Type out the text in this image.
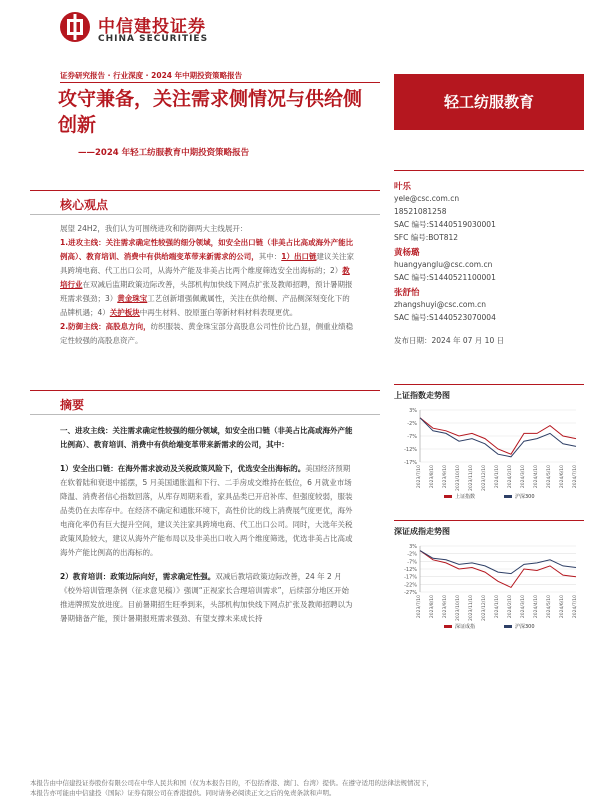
中信建投证券
CHINA SECURITIES
证券研究报告 · 行业深度 · 2024 年中期投资策略报告
攻守兼备，关注需求侧情况与供给侧创新
——2024 年轻工纺服教育中期投资策略报告
轻工纺服教育
核心观点
展望 24H2，我们认为可围绕进攻和防御两大主线展开：
1.进攻主线：关注需求确定性较强的细分领域，如安全出口链（非美占比高或海外产能比例高）、教育培训、消费中有供给端变革带来新需求的公司，其中：1）出口链建议关注家具跨境电商、代工出口公司，从海外产能及非美占比两个维度筛选安全出海标的；2）教培行业在双减后监期政策边际改善，头部机构加快线下网点扩张及教师招聘，预计暑期报班需求强劲；3）黄金珠宝工艺创新增强佩戴属性，关注在供给侧、产品侧深刻变化下的品牌机遇；4）关护板块中再生材料、胶原蛋白等新材料材料表现更优。
2.防御主线：高股息方向，纺织服装、黄金珠宝部分高股息公司性价比凸显，侧重业绩稳定性较强的高股息资产。
摘要
一、进攻主线：关注需求确定性较强的细分领域，如安全出口链（非美占比高或海外产能比例高）、教育培训、消费中有供给端变革带来新需求的公司，其中：
1）安全出口链：在海外需求波动及关税政策风险下，优选安全出海标的。美国经济预期在软着陆和衰退中摇摆，5 月美国通胀温和下行、二手房成交维持在低位，6 月就业市场降温、消费者信心指数回落，从库存周期来看，家具品类已开启补库、但强度较弱，服装品类仍在去库存中。在经济不确定和通胀环境下，高性价比的线上消费展气度更优，海外电商化率仍有巨大提升空间，建议关注家具跨境电商、代工出口公司。同时，大选年关税政策风险较大，建议从海外产能布局以及非美出口收入两个维度筛选，优选非美占比高或海外产能比例高的出海标的。
2）教育培训：政策边际向好，需求确定性强。双减后教培政策边际改善，24 年 2 月《校外培训管理条例（征求意见稿）》强调“正视家长合理培训需求”，后续部分地区开始推进牌照发放进度。目前暑期招生旺季到来，头部机构加快线下网点扩张及教师招聘以为暑期储备产能，预计暑期报班需求强劲、有望支撑未来成长持
叶乐
yele@csc.com.cn
18521081258
SAC 编号:S1440519030001
SFC 编号:BOT812
黄杨璐
huangyanglu@csc.com.cn
SAC 编号:S1440521100001
张舒怡
zhangshuyi@csc.com.cn
SAC 编号:S1440523070004
发布日期：2024 年 07 月 10 日
上证指数走势图
3%
-2%
-7%
-12%
-17%
2023/7/10 2023/8/10 2023/9/10 2023/10/10 2023/11/10 2023/12/10 2024/1/10 2024/2/10 2024/3/10 2024/4/10 2024/5/10 2024/6/10 2024/7/10
上证指数	沪深300
深证成指走势图
3%
-2%
-7%
-12%
-17%
-22%
-27%
2023/7/10 2023/8/10 2023/9/10 2023/10/10 2023/11/10 2023/12/10 2024/1/10 2024/2/10 2024/3/10 2024/4/10 2024/5/10 2024/6/10 2024/7/10
深证成指	沪深300
本报告由中信建投证券股份有限公司在中华人民共和国（仅为本报告目的，不包括香港、澳门、台湾）提供。在遵守适用的法律法规情况下，
本报告亦可能由中信建投（国际）证券有限公司在香港提供。同时请务必阅读正文之后的免责条款和声明。
